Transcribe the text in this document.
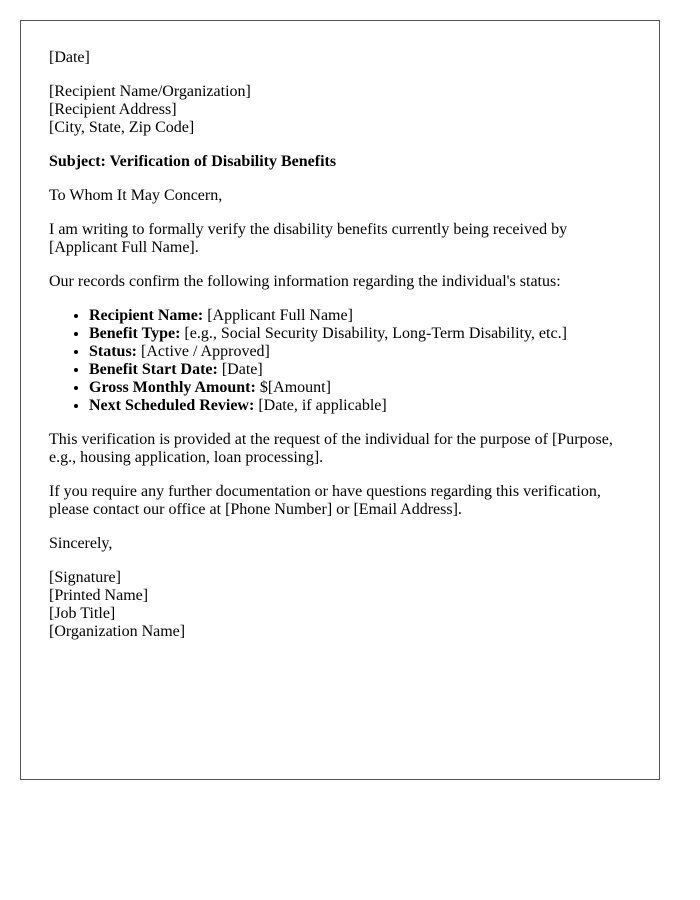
[Date]

[Recipient Name/Organization]
[Recipient Address]
[City, State, Zip Code]

Subject: Verification of Disability Benefits

To Whom It May Concern,

I am writing to formally verify the disability benefits currently being received by [Applicant Full Name].

Our records confirm the following information regarding the individual's status:

• Recipient Name: [Applicant Full Name]
• Benefit Type: [e.g., Social Security Disability, Long-Term Disability, etc.]
• Status: [Active / Approved]
• Benefit Start Date: [Date]
• Gross Monthly Amount: $[Amount]
• Next Scheduled Review: [Date, if applicable]

This verification is provided at the request of the individual for the purpose of [Purpose, e.g., housing application, loan processing].

If you require any further documentation or have questions regarding this verification, please contact our office at [Phone Number] or [Email Address].

Sincerely,

[Signature]
[Printed Name]
[Job Title]
[Organization Name]
